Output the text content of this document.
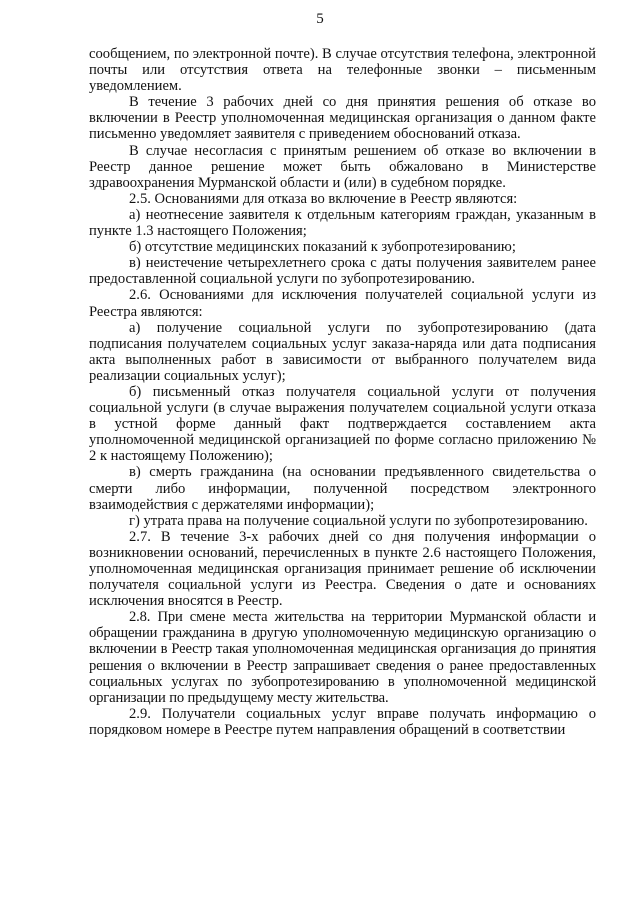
5

сообщением, по электронной почте). В случае отсутствия телефона, электронной почты или отсутствия ответа на телефонные звонки – письменным уведомлением.

В течение 3 рабочих дней со дня принятия решения об отказе во включении в Реестр уполномоченная медицинская организация о данном факте письменно уведомляет заявителя с приведением обоснований отказа.

В случае несогласия с принятым решением об отказе во включении в Реестр данное решение может быть обжаловано в Министерстве здравоохранения Мурманской области и (или) в судебном порядке.

2.5. Основаниями для отказа во включение в Реестр являются:

а) неотнесение заявителя к отдельным категориям граждан, указанным в пункте 1.3 настоящего Положения;

б) отсутствие медицинских показаний к зубопротезированию;

в) неистечение четырехлетнего срока с даты получения заявителем ранее предоставленной социальной услуги по зубопротезированию.

2.6. Основаниями для исключения получателей социальной услуги из Реестра являются:

а) получение социальной услуги по зубопротезированию (дата подписания получателем социальных услуг заказа-наряда или дата подписания акта выполненных работ в зависимости от выбранного получателем вида реализации социальных услуг);

б) письменный отказ получателя социальной услуги от получения социальной услуги (в случае выражения получателем социальной услуги отказа в устной форме данный факт подтверждается составлением акта уполномоченной медицинской организацией по форме согласно приложению № 2 к настоящему Положению);

в) смерть гражданина (на основании предъявленного свидетельства о смерти либо информации, полученной посредством электронного взаимодействия с держателями информации);

г) утрата права на получение социальной услуги по зубопротезированию.

2.7. В течение 3-х рабочих дней со дня получения информации о возникновении оснований, перечисленных в пункте 2.6 настоящего Положения, уполномоченная медицинская организация принимает решение об исключении получателя социальной услуги из Реестра. Сведения о дате и основаниях исключения вносятся в Реестр.

2.8. При смене места жительства на территории Мурманской области и обращении гражданина в другую уполномоченную медицинскую организацию о включении в Реестр такая уполномоченная медицинская организация до принятия решения о включении в Реестр запрашивает сведения о ранее предоставленных социальных услугах по зубопротезированию в уполномоченной медицинской организации по предыдущему месту жительства.

2.9. Получатели социальных услуг вправе получать информацию о порядковом номере в Реестре путем направления обращений в соответствии
